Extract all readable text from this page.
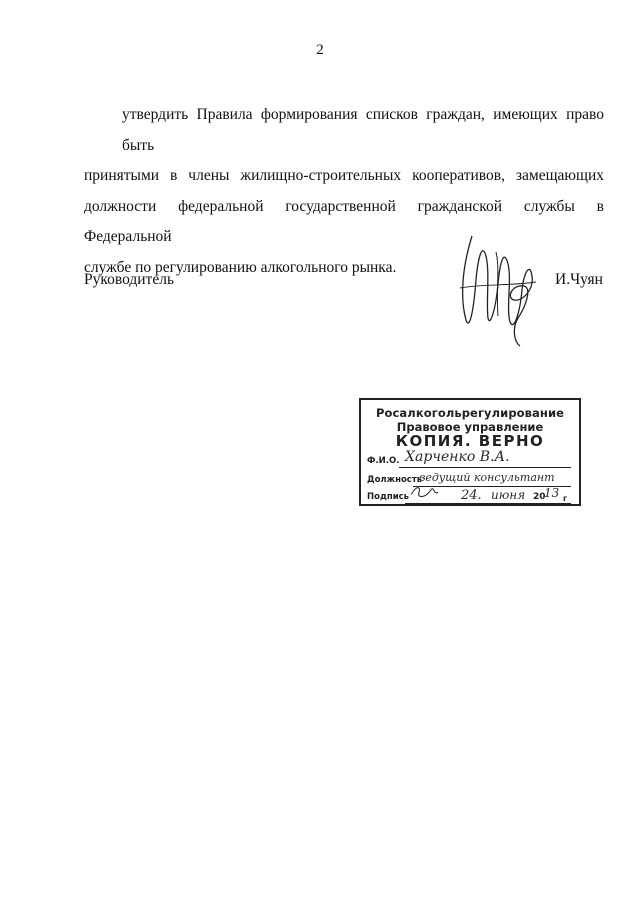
2

утвердить Правила формирования списков граждан, имеющих право быть
принятыми в члены жилищно-строительных кооперативов, замещающих
должности федеральной государственной гражданской службы в Федеральной
службе по регулированию алкогольного рынка.

Руководитель	И.Чуян
Росалкогольрегулирование
Правовое управление
КОПИЯ. ВЕРНО
Ф.И.О.
Должность
Подпись
Харченко В.А.
ведущий консультант
24. июня 20
13 г
